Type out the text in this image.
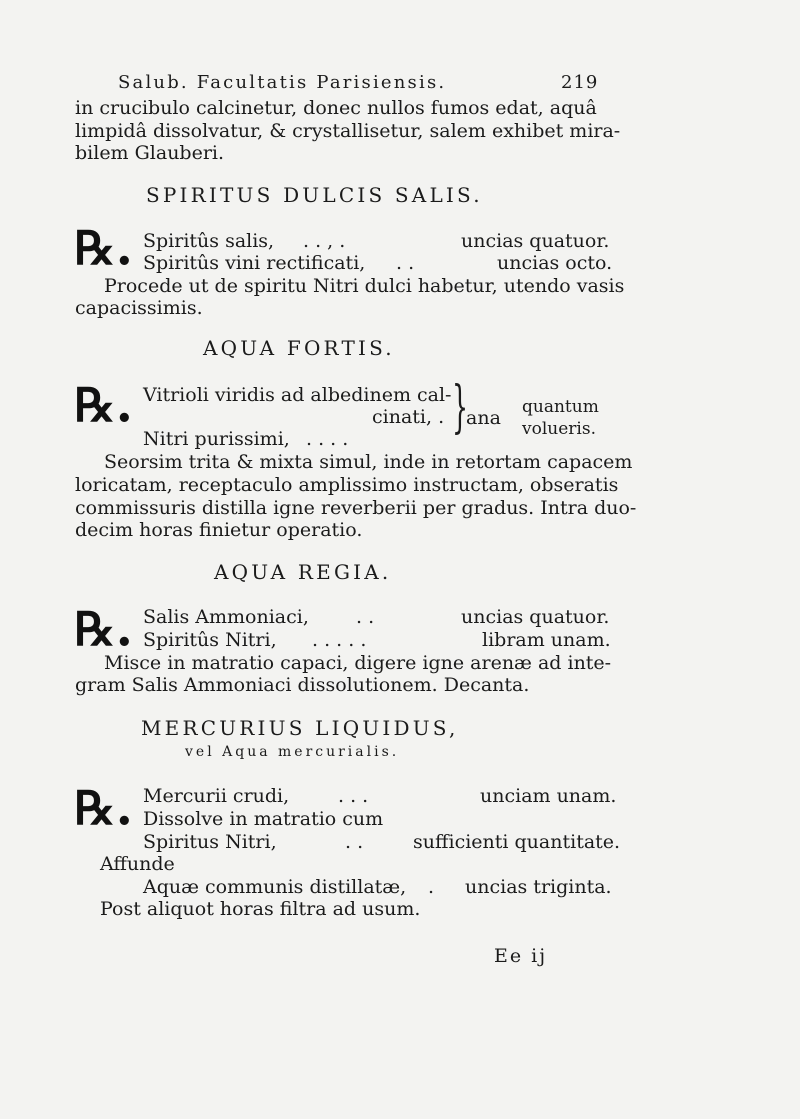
Salub. Facultatis Parisiensis.	219
in crucibulo calcinetur, donec nullos fumos edat, aquâ
limpidâ dissolvatur, & crystallisetur, salem exhibet mira-
bilem Glauberi.
SPIRITUS DULCIS SALIS.
℞ •
Spiritûs salis, . . , .	uncias quatuor.
Spiritûs vini rectificati, . .	uncias octo.
Procede ut de spiritu Nitri dulci habetur, utendo vasis
capacissimis.
AQUA FORTIS.
℞ •
Vitrioli viridis ad albedinem cal-
cinati, .
Nitri purissimi, . . . . }
ana quantum
volueris.
Seorsim trita & mixta simul, inde in retortam capacem
loricatam, receptaculo amplissimo instructam, obseratis
commissuris distilla igne reverberii per gradus. Intra duo-
decim horas finietur operatio.
AQUA REGIA.
℞ •
Salis Ammoniaci, . .	uncias quatuor.
Spiritûs Nitri, . . . . .	libram unam.
Misce in matratio capaci, digere igne arenæ ad inte-
gram Salis Ammoniaci dissolutionem. Decanta.
MERCURIUS LIQUIDUS,
vel Aqua mercurialis.
℞ •
Mercurii crudi,	. . .	unciam unam.
Dissolve in matratio cum
Spiritus Nitri,	. .	sufficienti quantitate.
Affunde
Aquæ communis distillatæ, . uncias triginta.
Post aliquot horas filtra ad usum.
Ee ij
